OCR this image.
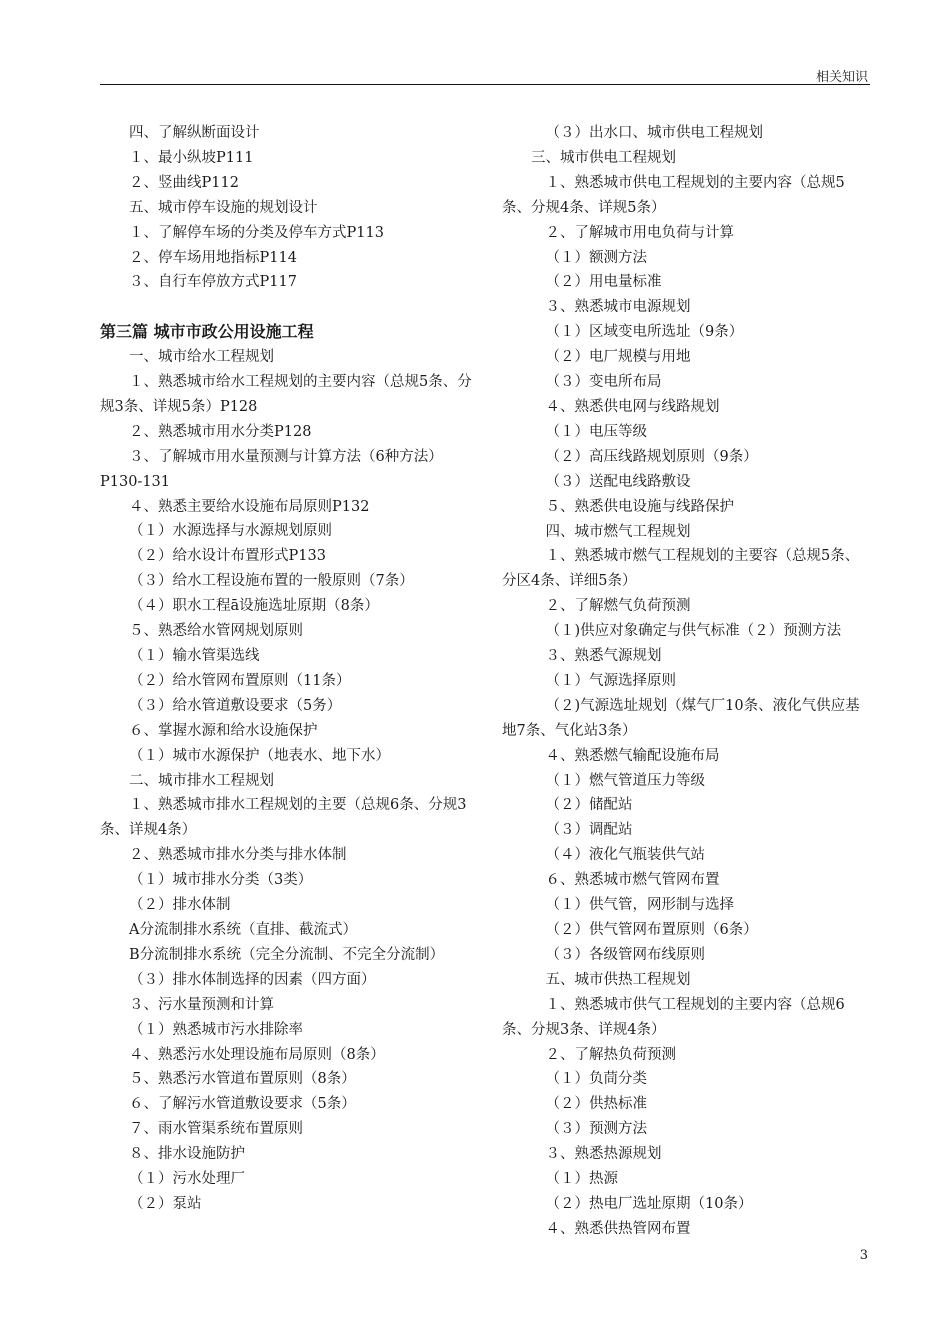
相关知识
四、了解纵断面设计
１、最小纵坡P111
２、竖曲线P112
五、城市停车设施的规划设计
１、了解停车场的分类及停车方式P113
２、停车场用地指标P114
３、自行车停放方式P117
第三篇 城市市政公用设施工程
一、城市给水工程规划
１、熟悉城市给水工程规划的主要内容（总规5条、分规3条、详规5条）P128
２、熟悉城市用水分类P128
３、了解城市用水量预测与计算方法（6种方法）P130-131
４、熟悉主要给水设施布局原则P132
（１）水源选择与水源规划原则
（２）给水设计布置形式P133
（３）给水工程设施布置的一般原则（7条）
（４）职水工程ā设施选址原期（8条）
５、熟悉给水管网规划原则
（１）输水管渠选线
（２）给水管网布置原则（11条）
（３）给水管道敷设要求（5务）
６、掌握水源和给水设施保护
（１）城市水源保护（地表水、地下水）
二、城市排水工程规划
１、熟悉城市排水工程规划的主要（总规6条、分规3条、详规4条）
２、熟悉城市排水分类与排水体制
（１）城市排水分类（3类）
（２）排水体制
A分流制排水系统（直排、截流式）
B分流制排水系统（完全分流制、不完全分流制）
（３）排水体制选择的因素（四方面）
３、污水量预测和计算
（１）熟悉城市污水排除率
４、熟悉污水处理设施布局原则（8条）
５、熟悉污水管道布置原则（8条）
６、了解污水管道敷设要求（5条）
７、雨水管渠系统布置原则
８、排水设施防护
（１）污水处理厂
（２）泵站
（３）出水口、城市供电工程规划
三、城市供电工程规划
１、熟悉城市供电工程规划的主要内容（总规5条、分规4条、详规5条）
２、了解城市用电负荷与计算
（１）额测方法
（２）用电量标准
３、熟悉城市电源规划
（１）区域变电所选址（9条）
（２）电厂规模与用地
（３）变电所布局
４、熟悉供电网与线路规划
（１）电压等级
（２）高压线路规划原则（9条）
（３）送配电线路敷设
５、熟悉供电设施与线路保护
四、城市燃气工程规划
１、熟悉城市燃气工程规划的主要容（总规5条、分区4条、详细5条）
２、了解燃气负荷预测
（１)供应对象确定与供气标准（２）预测方法
３、熟悉气源规划
（１）气源选择原则
（２)气源选址规划（煤气厂10条、液化气供应基地7条、气化站3条）
４、熟悉燃气输配设施布局
（１）燃气管道压力等级
（２）储配站
（３）调配站
（４）液化气瓶装供气站
６、熟悉城市燃气管网布置
（１）供气管，网形制与选择
（２）供气管网布置原则（6条）
（３）各级管网布线原则
五、城市供热工程规划
１、熟悉城市供气工程规划的主要内容（总规6条、分规3条、详规4条）
２、了解热负荷预测
（１）负茼分类
（２）供热标准
（３）预测方法
３、熟悉热源规划
（１）热源
（２）热电厂选址原期（10条）
４、熟悉供热管网布置
3
